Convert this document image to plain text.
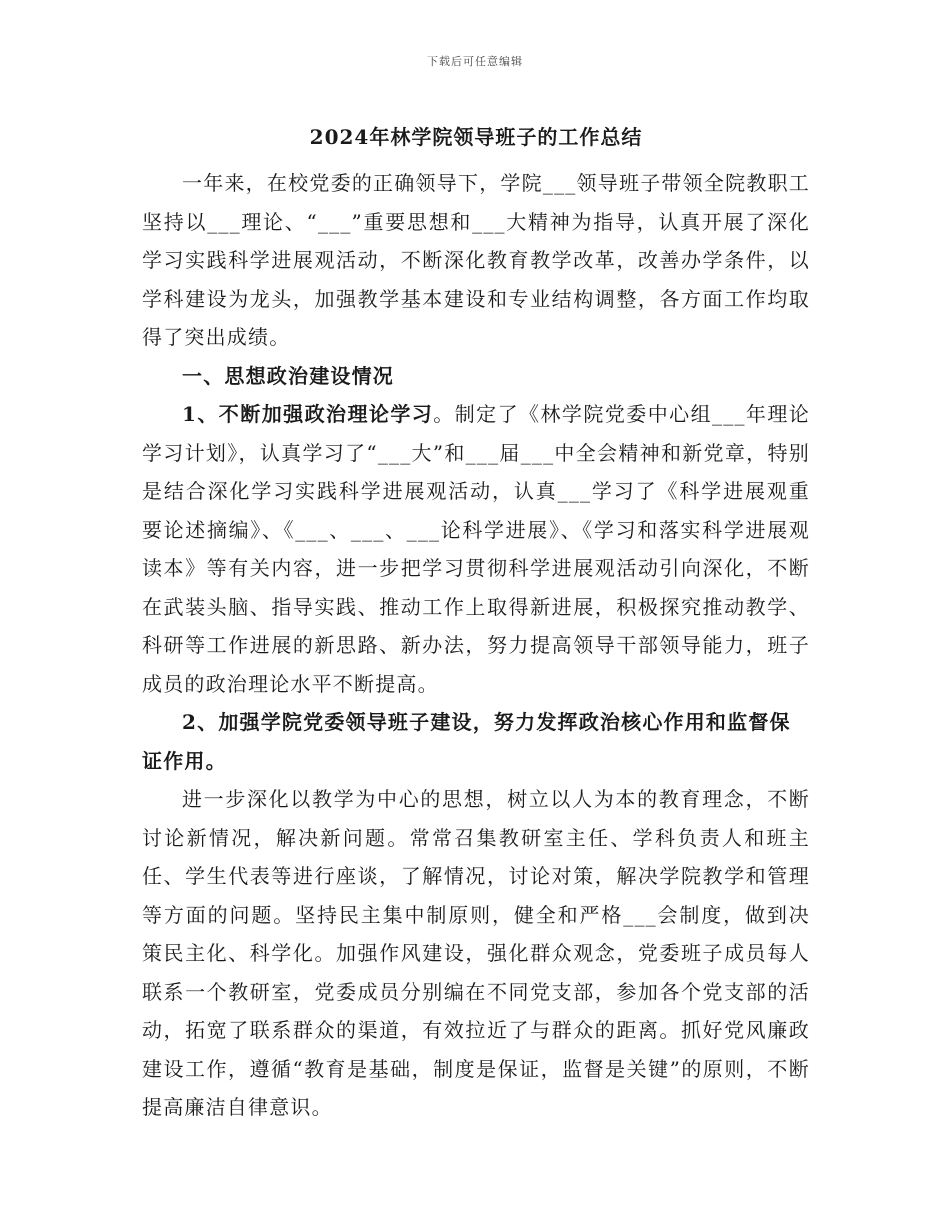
下载后可任意编辑
2024年林学院领导班子的工作总结

一年来，在校党委的正确领导下，学院___领导班子带领全院教职工坚持以___理论、“___”重要思想和___大精神为指导，认真开展了深化学习实践科学进展观活动，不断深化教育教学改革，改善办学条件，以学科建设为龙头，加强教学基本建设和专业结构调整，各方面工作均取得了突出成绩。

一、思想政治建设情况

1、不断加强政治理论学习。制定了《林学院党委中心组___年理论学习计划》，认真学习了“___大”和___届___中全会精神和新党章，特别是结合深化学习实践科学进展观活动，认真___学习了《科学进展观重要论述摘编》、《___、___、___论科学进展》、《学习和落实科学进展观读本》等有关内容，进一步把学习贯彻科学进展观活动引向深化，不断在武装头脑、指导实践、推动工作上取得新进展，积极探究推动教学、科研等工作进展的新思路、新办法，努力提高领导干部领导能力，班子成员的政治理论水平不断提高。

2、加强学院党委领导班子建设，努力发挥政治核心作用和监督保证作用。

进一步深化以教学为中心的思想，树立以人为本的教育理念，不断讨论新情况，解决新问题。常常召集教研室主任、学科负责人和班主任、学生代表等进行座谈，了解情况，讨论对策，解决学院教学和管理等方面的问题。坚持民主集中制原则，健全和严格___会制度，做到决策民主化、科学化。加强作风建设，强化群众观念，党委班子成员每人联系一个教研室，党委成员分别编在不同党支部，参加各个党支部的活动，拓宽了联系群众的渠道，有效拉近了与群众的距离。抓好党风廉政建设工作，遵循“教育是基础，制度是保证，监督是关键”的原则，不断提高廉洁自律意识。
